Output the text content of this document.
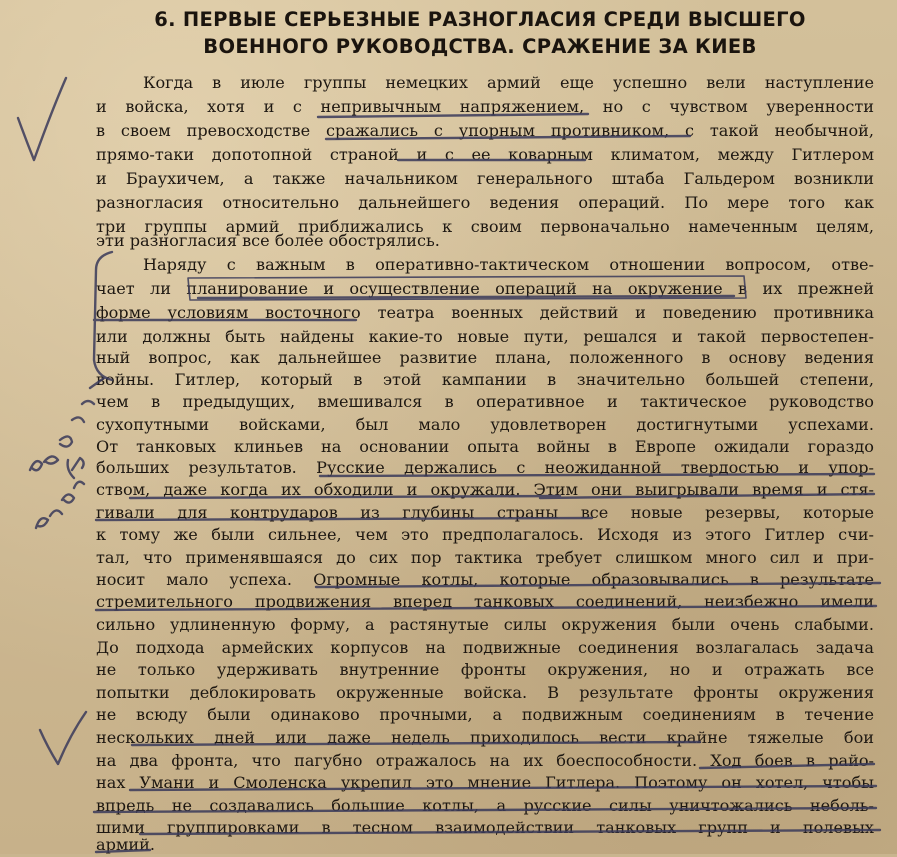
6. ПЕРВЫЕ СЕРЬЕЗНЫЕ РАЗНОГЛАСИЯ СРЕДИ ВЫСШЕГО
ВОЕННОГО РУКОВОДСТВА. СРАЖЕНИЕ ЗА КИЕВ
Когда в июле группы немецких армий еще успешно вели наступление
и войска, хотя и с непривычным напряжением, но с чувством уверенности
в своем превосходстве сражались с упорным противником, с такой необычной,
прямо-таки допотопной страной и с ее коварным климатом, между Гитлером
и Браухичем, а также начальником генерального штаба Гальдером возникли
разногласия относительно дальнейшего ведения операций. По мере того как
три группы армий приближались к своим первоначально намеченным целям,
эти разногласия все более обострялись.
Наряду с важным в оперативно-тактическом отношении вопросом, отве-
чает ли планирование и осуществление операций на окружение в их прежней
форме условиям восточного театра военных действий и поведению противника
или должны быть найдены какие-то новые пути, решался и такой первостепен-
ный вопрос, как дальнейшее развитие плана, положенного в основу ведения
войны. Гитлер, который в этой кампании в значительно большей степени,
чем в предыдущих, вмешивался в оперативное и тактическое руководство
сухопутными войсками, был мало удовлетворен достигнутыми успехами.
От танковых клиньев на основании опыта войны в Европе ожидали гораздо
больших результатов. Русские держались с неожиданной твердостью и упор-
ством, даже когда их обходили и окружали. Этим они выигрывали время и стя-
гивали для контрударов из глубины страны все новые резервы, которые
к тому же были сильнее, чем это предполагалось. Исходя из этого Гитлер счи-
тал, что применявшаяся до сих пор тактика требует слишком много сил и при-
носит мало успеха. Огромные котлы, которые образовывались в результате
стремительного продвижения вперед танковых соединений, неизбежно имели
сильно удлиненную форму, а растянутые силы окружения были очень слабыми.
До подхода армейских корпусов на подвижные соединения возлагалась задача
не только удерживать внутренние фронты окружения, но и отражать все
попытки деблокировать окруженные войска. В результате фронты окружения
не всюду были одинаково прочными, а подвижным соединениям в течение
нескольких дней или даже недель приходилось вести крайне тяжелые бои
на два фронта, что пагубно отражалось на их боеспособности. Ход боев в райо-
нах Умани и Смоленска укрепил это мнение Гитлера. Поэтому он хотел, чтобы
впредь не создавались большие котлы, а русские силы уничтожались неболь-
шими группировками в тесном взаимодействии танковых групп и полевых
армий.
